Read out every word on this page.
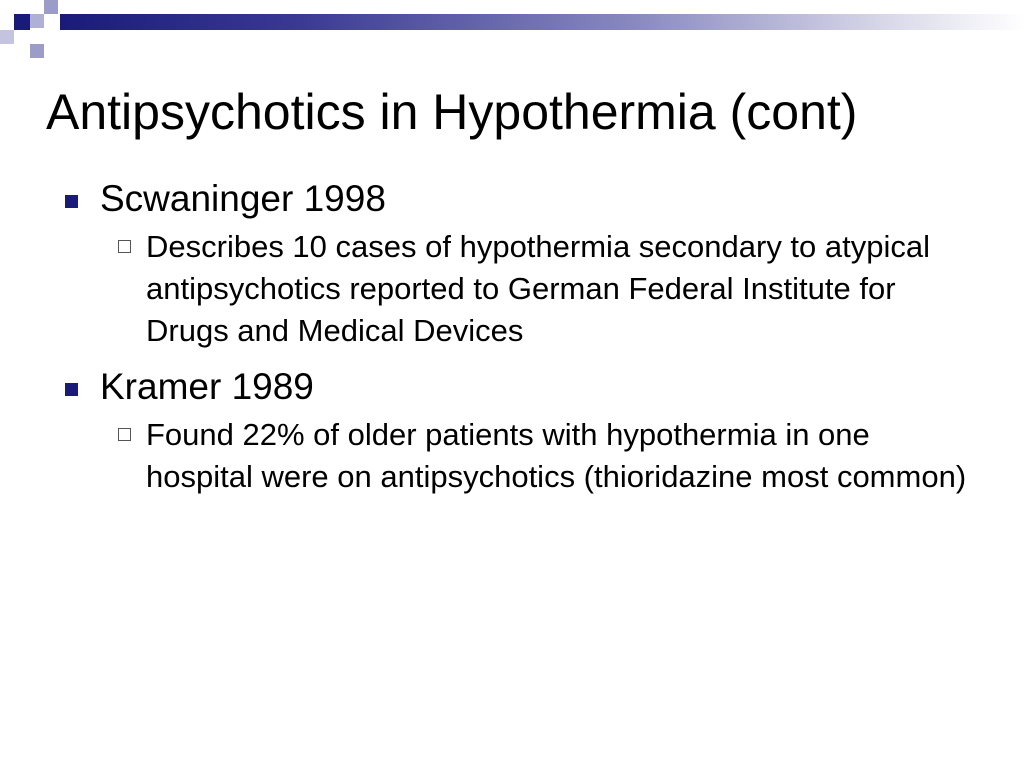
Antipsychotics in Hypothermia (cont)
Scwaninger 1998
Describes 10 cases of hypothermia secondary to atypical antipsychotics reported to German Federal Institute for Drugs and Medical Devices
Kramer 1989
Found 22% of older patients with hypothermia in one hospital were on antipsychotics (thioridazine most common)
